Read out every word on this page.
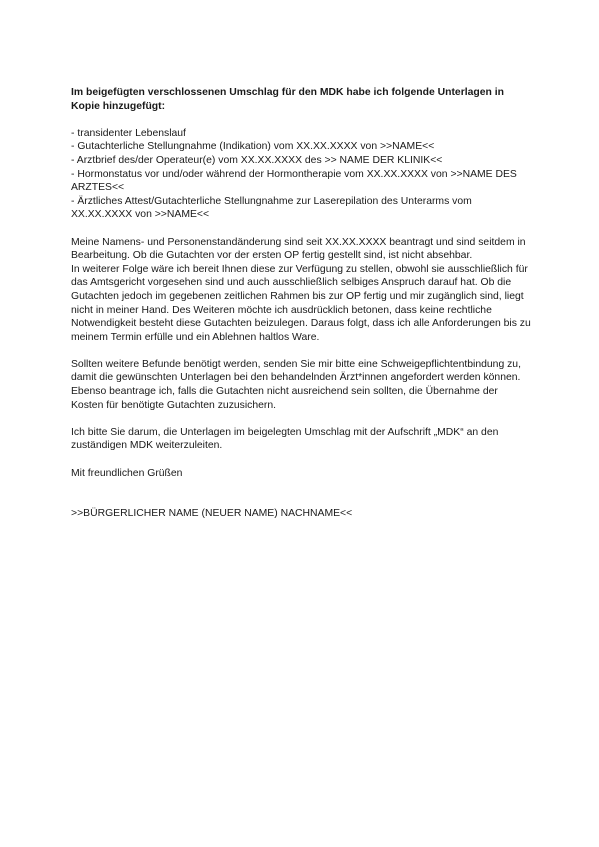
Im beigefügten verschlossenen Umschlag für den MDK habe ich folgende Unterlagen in Kopie hinzugefügt:

- transidenter Lebenslauf
- Gutachterliche Stellungnahme (Indikation) vom XX.XX.XXXX von >>NAME<<
- Arztbrief des/der Operateur(e) vom XX.XX.XXXX des >> NAME DER KLINIK<<
- Hormonstatus vor und/oder während der Hormontherapie vom XX.XX.XXXX von >>NAME DES ARZTES<<
- Ärztliches Attest/Gutachterliche Stellungnahme zur Laserepilation des Unterarms vom XX.XX.XXXX von >>NAME<<

Meine Namens- und Personenstandänderung sind seit XX.XX.XXXX beantragt und sind seitdem in Bearbeitung. Ob die Gutachten vor der ersten OP fertig gestellt sind, ist nicht absehbar.

In weiterer Folge wäre ich bereit Ihnen diese zur Verfügung zu stellen, obwohl sie ausschließlich für das Amtsgericht vorgesehen sind und auch ausschließlich selbiges Anspruch darauf hat. Ob die Gutachten jedoch im gegebenen zeitlichen Rahmen bis zur OP fertig und mir zugänglich sind, liegt nicht in meiner Hand. Des Weiteren möchte ich ausdrücklich betonen, dass keine rechtliche Notwendigkeit besteht diese Gutachten beizulegen. Daraus folgt, dass ich alle Anforderungen bis zu meinem Termin erfülle und ein Ablehnen haltlos Ware.

Sollten weitere Befunde benötigt werden, senden Sie mir bitte eine Schweigepflichtentbindung zu, damit die gewünschten Unterlagen bei den behandelnden Ärzt*innen angefordert werden können. Ebenso beantrage ich, falls die Gutachten nicht ausreichend sein sollten, die Übernahme der Kosten für benötigte Gutachten zuzusichern.

Ich bitte Sie darum, die Unterlagen im beigelegten Umschlag mit der Aufschrift „MDK“ an den zuständigen MDK weiterzuleiten.

Mit freundlichen Grüßen

>>BÜRGERLICHER NAME (NEUER NAME) NACHNAME<<
